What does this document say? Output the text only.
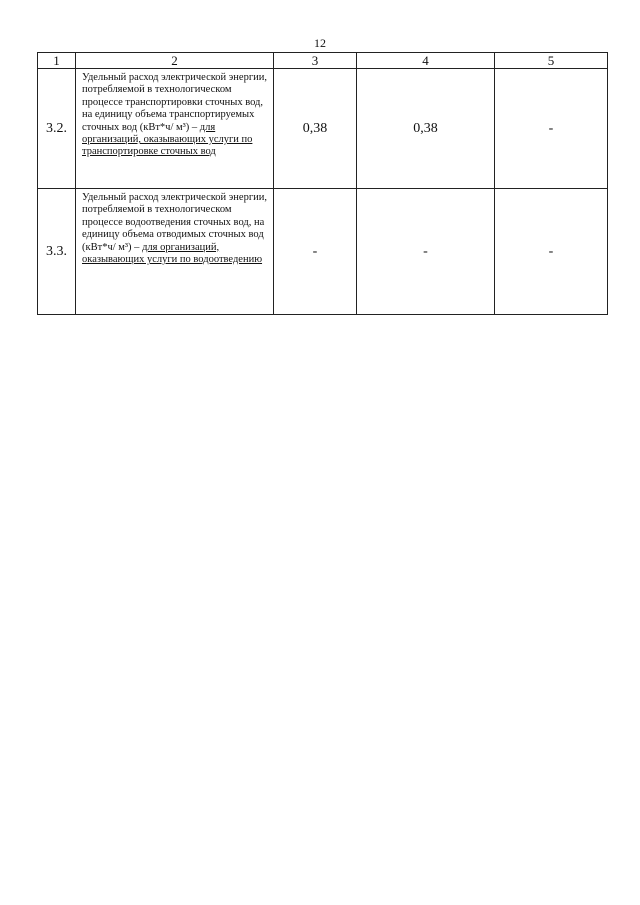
12
1	2	3	4	5
3.2.	Удельный расход электрической энергии, потребляемой в технологическом процессе транспортировки сточных вод, на единицу объема транспортируемых сточных вод (кВт*ч/ м³) – для организаций, оказывающих услуги по транспортировке сточных вод	0,38	0,38	-
3.3.	Удельный расход электрической энергии, потребляемой в технологическом процессе водоотведения сточных вод, на единицу объема отводимых сточных вод (кВт*ч/ м³) – для организаций, оказывающих услуги по водоотведению	-	-	-
